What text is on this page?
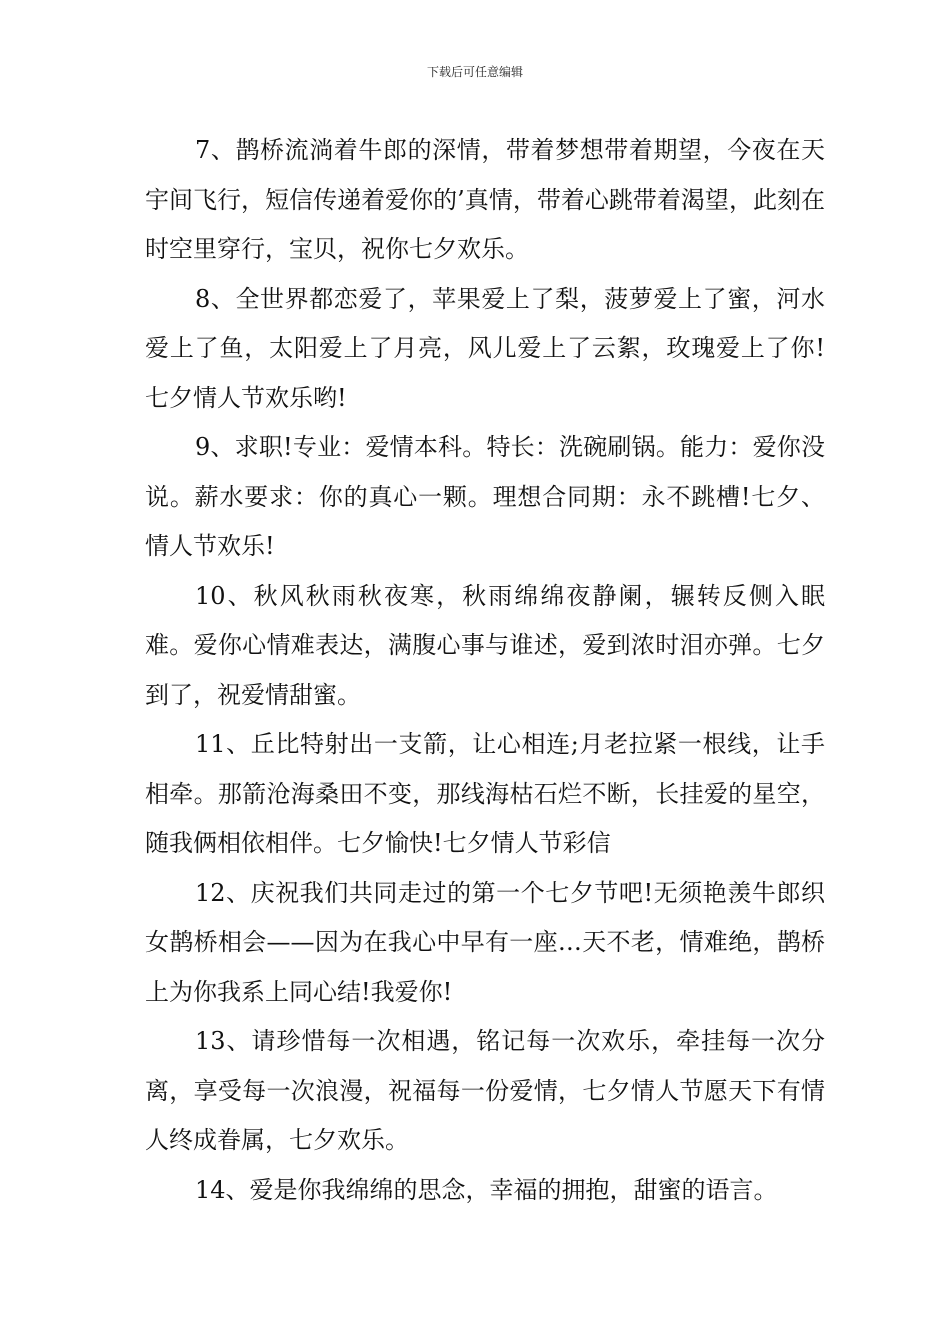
下载后可任意编辑

7、鹊桥流淌着牛郎的深情，带着梦想带着期望，今夜在天宇间飞行，短信传递着爱你的’真情，带着心跳带着渴望，此刻在时空里穿行，宝贝，祝你七夕欢乐。

8、全世界都恋爱了，苹果爱上了梨，菠萝爱上了蜜，河水爱上了鱼，太阳爱上了月亮，风儿爱上了云絮，玫瑰爱上了你!七夕情人节欢乐哟!

9、求职!专业：爱情本科。特长：洗碗刷锅。能力：爱你没说。薪水要求：你的真心一颗。理想合同期：永不跳槽!七夕、情人节欢乐!

10、秋风秋雨秋夜寒，秋雨绵绵夜静阑，辗转反侧入眠难。爱你心情难表达，满腹心事与谁述，爱到浓时泪亦弹。七夕到了，祝爱情甜蜜。

11、丘比特射出一支箭，让心相连;月老拉紧一根线，让手相牵。那箭沧海桑田不变，那线海枯石烂不断，长挂爱的星空，随我俩相依相伴。七夕愉快!七夕情人节彩信

12、庆祝我们共同走过的第一个七夕节吧!无须艳羡牛郎织女鹊桥相会——因为在我心中早有一座…天不老，情难绝，鹊桥上为你我系上同心结!我爱你!

13、请珍惜每一次相遇，铭记每一次欢乐，牵挂每一次分离，享受每一次浪漫，祝福每一份爱情，七夕情人节愿天下有情人终成眷属，七夕欢乐。

14、爱是你我绵绵的思念，幸福的拥抱，甜蜜的语言。
